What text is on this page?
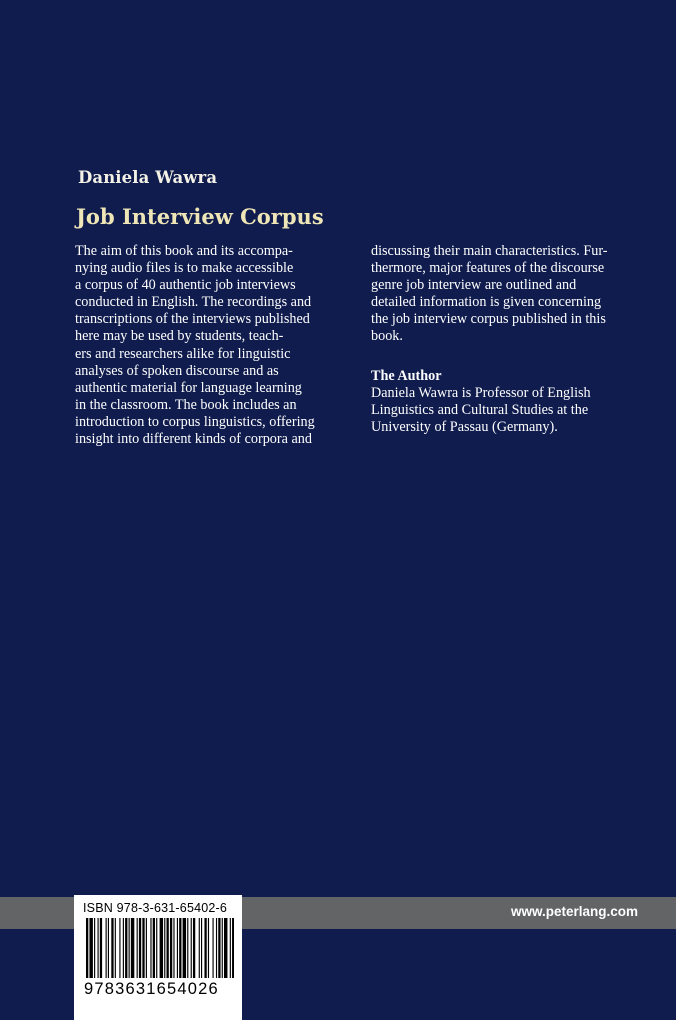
Daniela Wawra
Job Interview Corpus
The aim of this book and its accompa-
nying audio files is to make accessible
a corpus of 40 authentic job interviews
conducted in English. The recordings and
transcriptions of the interviews published
here may be used by students, teach-
ers and researchers alike for linguistic
analyses of spoken discourse and as
authentic material for language learning
in the classroom. The book includes an
introduction to corpus linguistics, offering
insight into different kinds of corpora and
discussing their main characteristics. Fur-
thermore, major features of the discourse
genre job interview are outlined and
detailed information is given concerning
the job interview corpus published in this
book.
The Author
Daniela Wawra is Professor of English
Linguistics and Cultural Studies at the
University of Passau (Germany).
www.peterlang.com
ISBN 978-3-631-65402-6
9783631654026
